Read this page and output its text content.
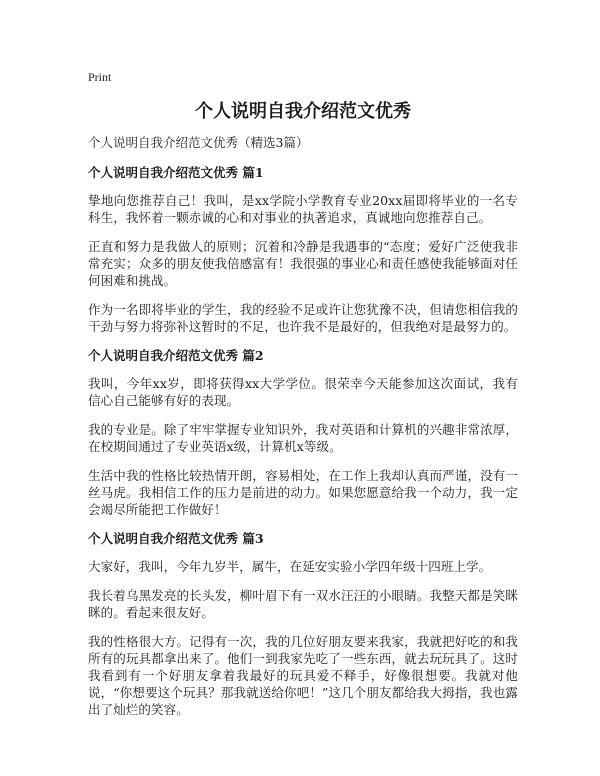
Print
个人说明自我介绍范文优秀
个人说明自我介绍范文优秀（精选3篇）
个人说明自我介绍范文优秀 篇1

挚地向您推荐自己！我叫，是xx学院小学教育专业20xx届即将毕业的一名专科生，我怀着一颗赤诚的心和对事业的执著追求，真诚地向您推荐自己。

正直和努力是我做人的原则；沉着和冷静是我遇事的“态度；爱好广泛使我非常充实；众多的朋友使我倍感富有！我很强的事业心和责任感使我能够面对任何困难和挑战。

作为一名即将毕业的学生，我的经验不足或许让您犹豫不决，但请您相信我的干劲与努力将弥补这暂时的不足，也许我不是最好的，但我绝对是最努力的。

个人说明自我介绍范文优秀 篇2

我叫，今年xx岁，即将获得xx大学学位。很荣幸今天能参加这次面试，我有信心自己能够有好的表现。

我的专业是。除了牢牢掌握专业知识外，我对英语和计算机的兴趣非常浓厚，在校期间通过了专业英语x级，计算机x等级。

生活中我的性格比较热情开朗，容易相处，在工作上我却认真而严谨，没有一丝马虎。我相信工作的压力是前进的动力。如果您愿意给我一个动力，我一定会竭尽所能把工作做好！

个人说明自我介绍范文优秀 篇3

大家好，我叫，今年九岁半，属牛，在延安实验小学四年级十四班上学。

我长着乌黑发亮的长头发，柳叶眉下有一双水汪汪的小眼睛。我整天都是笑眯眯的。看起来很友好。

我的性格很大方。记得有一次，我的几位好朋友要来我家，我就把好吃的和我所有的玩具都拿出来了。他们一到我家先吃了一些东西，就去玩玩具了。这时我看到有一个好朋友拿着我最好的玩具爱不释手，好像很想要。我就对他说，“你想要这个玩具？那我就送给你吧！”这几个朋友都给我大拇指，我也露出了灿烂的笑容。
